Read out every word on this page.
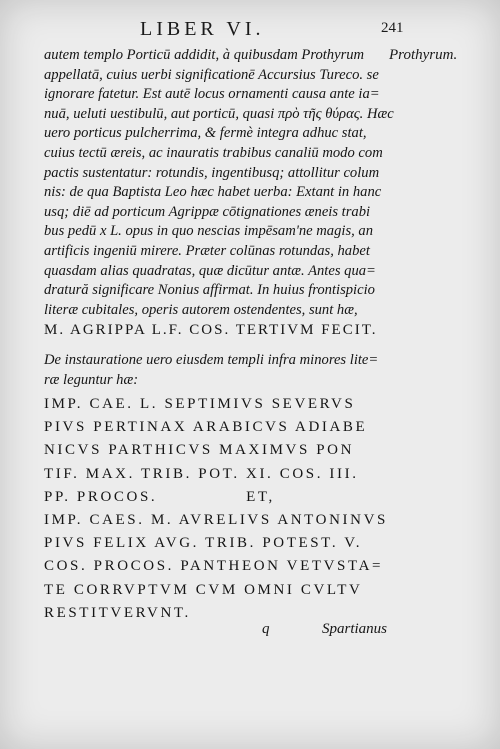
LIBER VI.	241
Prothyrum.
autem templo Porticū addidit, à quibusdam Prothyrum
appellatā, cuius uerbi significationē Accursius Tureco. se
ignorare fatetur. Est autē locus ornamenti causa ante ia=
nuā, ueluti uestibulū, aut porticū, quasi πρὸ τῆς θύρας. Hæc
uero porticus pulcherrima, & fermè integra adhuc stat,
cuius tectū æreis, ac inauratis trabibus canaliū modo com
pactis sustentatur: rotundis, ingentibusq; attollitur colum
nis: de qua Baptista Leo hæc habet uerba: Extant in hanc
usq; diē ad porticum Agrippæ cōtignationes æneis trabi
bus pedū x L. opus in quo nescias impēsam'ne magis, an
artificis ingeniū mirere. Præter colūnas rotundas, habet
quasdam alias quadratas, quæ dicūtur antæ. Antes qua=
dratură significare Nonius affirmat. In huius frontispicio
literæ cubitales, operis autorem ostendentes, sunt hæ,
M. AGRIPPA L.F. COS. TERTIVM FECIT.
De instauratione uero eiusdem templi infra minores lite=
ræ leguntur hæ:
IMP. CAE. L. SEPTIMIVS SEVERVS
PIVS PERTINAX ARABICVS ADIABE
NICVS PARTHICVS MAXIMVS PON
TIF. MAX. TRIB. POT. XI. COS. III.
PP. PROCOS.              ET,
IMP. CAES. M. AVRELIVS ANTONINVS
PIVS FELIX AVG. TRIB. POTEST. V.
COS. PROCOS. PANTHEON VETVSTA=
TE CORRVPTVM CVM OMNI CVLTV
RESTITVERVNT.
q	Spartianus
